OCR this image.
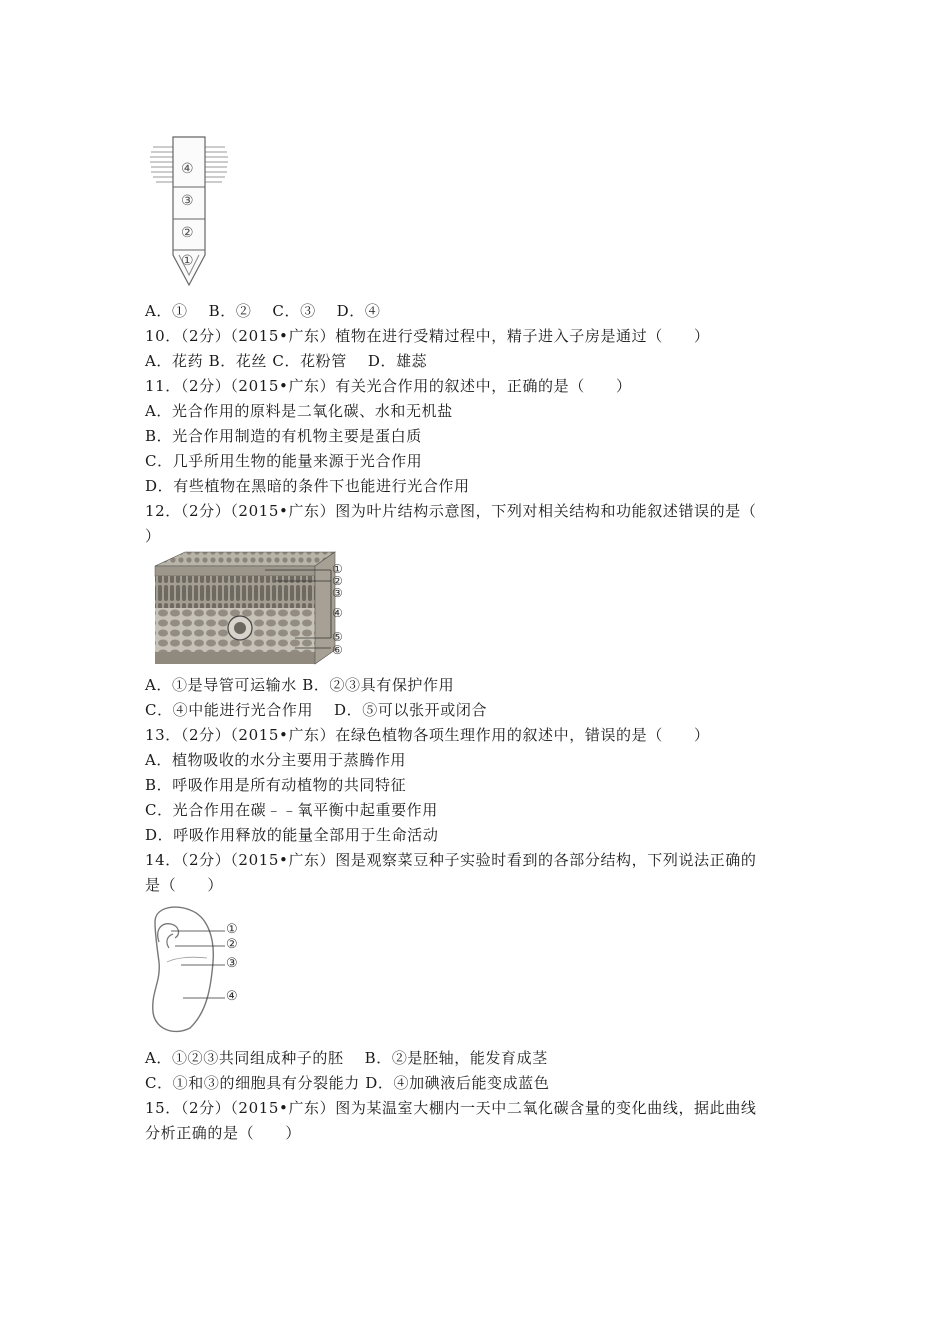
④
③
②
①
A．①　 B．②　 C．③　 D．④
10．（2分）（2015•广东）植物在进行受精过程中，精子进入子房是通过（　　）
A．花药 B．花丝 C．花粉管　 D．雄蕊
11．（2分）（2015•广东）有关光合作用的叙述中，正确的是（　　）
A．光合作用的原料是二氧化碳、水和无机盐
B．光合作用制造的有机物主要是蛋白质
C．几乎所用生物的能量来源于光合作用
D．有些植物在黑暗的条件下也能进行光合作用
12．（2分）（2015•广东）图为叶片结构示意图，下列对相关结构和功能叙述错误的是（
）
①
②
③
④
⑤
⑥
A．①是导管可运输水 B．②③具有保护作用
C．④中能进行光合作用　 D．⑤可以张开或闭合
13．（2分）（2015•广东）在绿色植物各项生理作用的叙述中，错误的是（　　）
A．植物吸收的水分主要用于蒸腾作用
B．呼吸作用是所有动植物的共同特征
C．光合作用在碳﹣﹣氧平衡中起重要作用
D．呼吸作用释放的能量全部用于生命活动
14．（2分）（2015•广东）图是观察菜豆种子实验时看到的各部分结构，下列说法正确的
是（　　）
①
②
③
④
A．①②③共同组成种子的胚　 B．②是胚轴，能发育成茎
C．①和③的细胞具有分裂能力 D．④加碘液后能变成蓝色
15．（2分）（2015•广东）图为某温室大棚内一天中二氧化碳含量的变化曲线，据此曲线
分析正确的是（　　）
